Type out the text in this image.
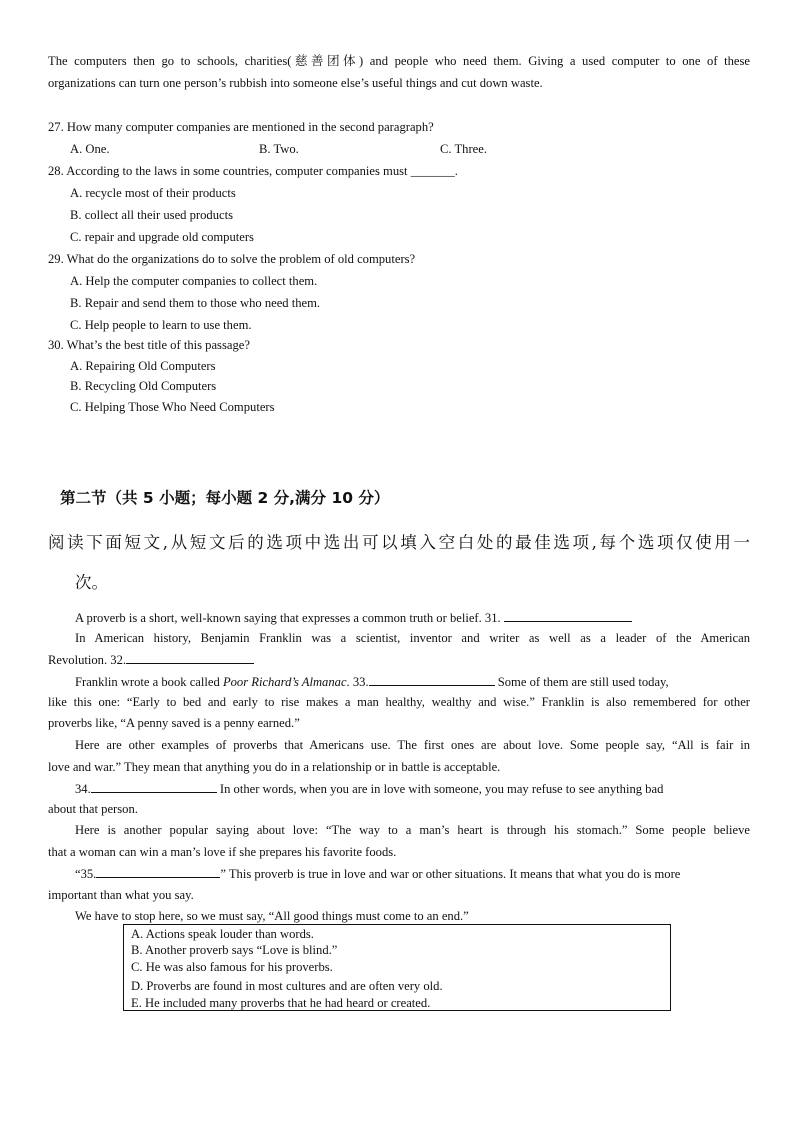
The computers then go to schools, charities(慈善团体) and people who need them. Giving a used computer to one of these
organizations can turn one person’s rubbish into someone else’s useful things and cut down waste.
27. How many computer companies are mentioned in the second paragraph?
A. One.	B. Two.	C. Three.
28. According to the laws in some countries, computer companies must _______.
A. recycle most of their products
B. collect all their used products
C. repair and upgrade old computers
29. What do the organizations do to solve the problem of old computers?
A. Help the computer companies to collect them.
B. Repair and send them to those who need them.
C. Help people to learn to use them.
30. What’s the best title of this passage?
A. Repairing Old Computers
B. Recycling Old Computers
C. Helping Those Who Need Computers
第二节（共 5 小题；每小题 2 分,满分 10 分）
阅读下面短文,从短文后的选项中选出可以填入空白处的最佳选项,每个选项仅使用一
次。
A proverb is a short, well-known saying that expresses a common truth or belief. 31.
In American history, Benjamin Franklin was a scientist, inventor and writer as well as a leader of the American
Revolution. 32.
Franklin wrote a book called Poor Richard’s Almanac. 33.	Some of them are still used today,
like this one: “Early to bed and early to rise makes a man healthy, wealthy and wise.” Franklin is also remembered for other
proverbs like, “A penny saved is a penny earned.”
Here are other examples of proverbs that Americans use. The first ones are about love. Some people say, “All is fair in
love and war.” They mean that anything you do in a relationship or in battle is acceptable.
34.	In other words, when you are in love with someone, you may refuse to see anything bad
about that person.
Here is another popular saying about love: “The way to a man’s heart is through his stomach.” Some people believe
that a woman can win a man’s love if she prepares his favorite foods.
“35.	” This proverb is true in love and war or other situations. It means that what you do is more
important than what you say.
We have to stop here, so we must say, “All good things must come to an end.”
A. Actions speak louder than words.
B. Another proverb says “Love is blind.”
C. He was also famous for his proverbs.
D. Proverbs are found in most cultures and are often very old.
E. He included many proverbs that he had heard or created.
